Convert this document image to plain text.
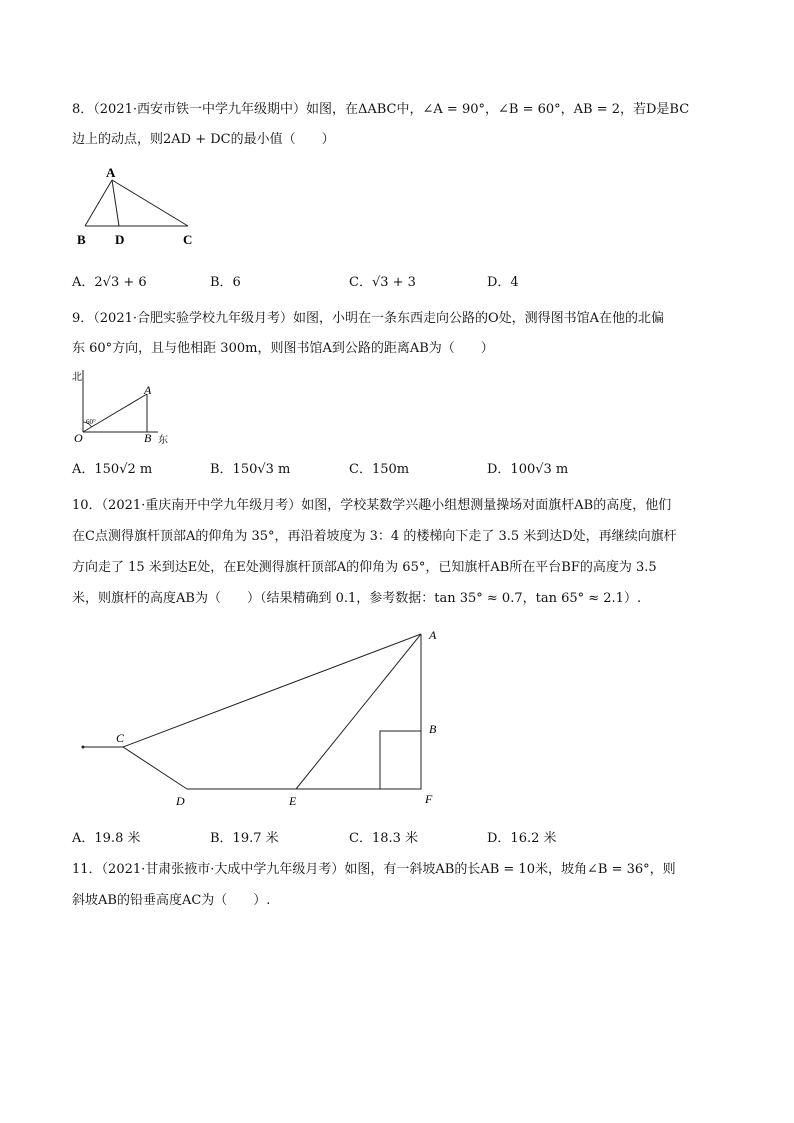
8．（2021·西安市铁一中学九年级期中）如图，在ΔABC中，∠A = 90°，∠B = 60°，AB = 2，若D是BC
边上的动点，则2AD + DC的最小值（　　）
A
B D	C
A．2√3 + 6	B．6	C．√3 + 3	D．4
9．（2021·合肥实验学校九年级月考）如图，小明在一条东西走向公路的O处，测得图书馆A在他的北偏
东 60°方向，且与他相距 300m，则图书馆A到公路的距离AB为（　　）
北
A
60°
O	B 东
A．150√2 m	B．150√3 m	C．150m	D．100√3 m
10．（2021·重庆南开中学九年级月考）如图，学校某数学兴趣小组想测量操场对面旗杆AB的高度，他们
在C点测得旗杆顶部A的仰角为 35°，再沿着坡度为 3：4 的楼梯向下走了 3.5 米到达D处，再继续向旗杆
方向走了 15 米到达E处，在E处测得旗杆顶部A的仰角为 65°，已知旗杆AB所在平台BF的高度为 3.5
米，则旗杆的高度AB为（　　）（结果精确到 0.1，参考数据：tan 35° ≈ 0.7，tan 65° ≈ 2.1）.
A
B
C
D	E	F
A．19.8 米	B．19.7 米	C．18.3 米	D．16.2 米
11．（2021·甘肃张掖市·大成中学九年级月考）如图，有一斜坡AB的长AB = 10米，坡角∠B = 36°，则
斜坡AB的铅垂高度AC为（　　）.
